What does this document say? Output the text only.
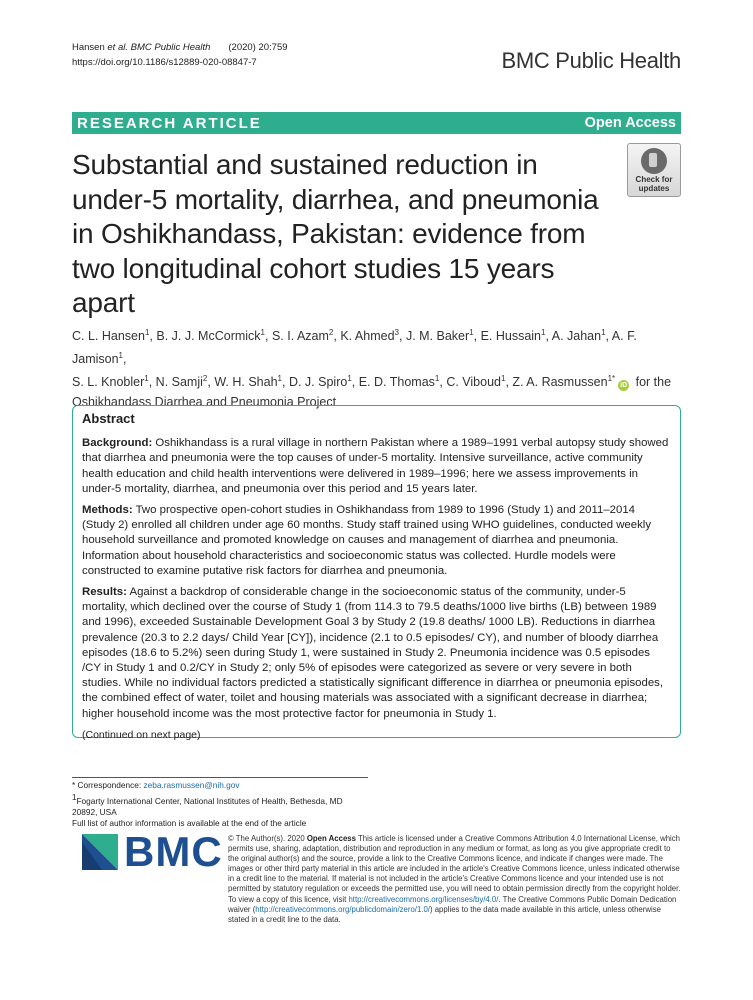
Hansen et al. BMC Public Health (2020) 20:759
https://doi.org/10.1186/s12889-020-08847-7	BMC Public Health
RESEARCH ARTICLE	Open Access
Substantial and sustained reduction in under-5 mortality, diarrhea, and pneumonia in Oshikhandass, Pakistan: evidence from two longitudinal cohort studies 15 years apart
Check for
updates
C. L. Hansen$^1$, B. J. J. McCormick$^1$, S. I. Azam$^2$, K. Ahmed$^3$, J. M. Baker$^1$, E. Hussain$^1$, A. Jahan$^1$, A. F. Jamison$^1$,
S. L. Knobler$^1$, N. Samji$^2$, W. H. Shah$^1$, D. J. Spiro$^1$, E. D. Thomas$^1$, C. Viboud$^1$, Z. A. Rasmussen$^{1*}$iD for the
Oshikhandass Diarrhea and Pneumonia Project
Abstract

Background: Oshikhandass is a rural village in northern Pakistan where a 1989–1991 verbal autopsy study showed that diarrhea and pneumonia were the top causes of under-5 mortality. Intensive surveillance, active community health education and child health interventions were delivered in 1989–1996; here we assess improvements in under-5 mortality, diarrhea, and pneumonia over this period and 15 years later.

Methods: Two prospective open-cohort studies in Oshikhandass from 1989 to 1996 (Study 1) and 2011–2014 (Study 2) enrolled all children under age 60 months. Study staff trained using WHO guidelines, conducted weekly household surveillance and promoted knowledge on causes and management of diarrhea and pneumonia. Information about household characteristics and socioeconomic status was collected. Hurdle models were constructed to examine putative risk factors for diarrhea and pneumonia.

Results: Against a backdrop of considerable change in the socioeconomic status of the community, under-5 mortality, which declined over the course of Study 1 (from 114.3 to 79.5 deaths/1000 live births (LB) between 1989 and 1996), exceeded Sustainable Development Goal 3 by Study 2 (19.8 deaths/ 1000 LB). Reductions in diarrhea prevalence (20.3 to 2.2 days/ Child Year [CY]), incidence (2.1 to 0.5 episodes/ CY), and number of bloody diarrhea episodes (18.6 to 5.2%) seen during Study 1, were sustained in Study 2. Pneumonia incidence was 0.5 episodes /CY in Study 1 and 0.2/CY in Study 2; only 5% of episodes were categorized as severe or very severe in both studies. While no individual factors predicted a statistically significant difference in diarrhea or pneumonia episodes, the combined effect of water, toilet and housing materials was associated with a significant decrease in diarrhea; higher household income was the most protective factor for pneumonia in Study 1.

(Continued on next page)
* Correspondence: zeba.rasmussen@nih.gov
$^1$Fogarty International Center, National Institutes of Health, Bethesda, MD
20892, USA
Full list of author information is available at the end of the article
BMC © The Author(s). 2020 Open Access This article is licensed under a Creative Commons Attribution 4.0 International License, which permits use, sharing, adaptation, distribution and reproduction in any medium or format, as long as you give appropriate credit to the original author(s) and the source, provide a link to the Creative Commons licence, and indicate if changes were made. The images or other third party material in this article are included in the article's Creative Commons licence, unless indicated otherwise in a credit line to the material. If material is not included in the article's Creative Commons licence and your intended use is not permitted by statutory regulation or exceeds the permitted use, you will need to obtain permission directly from the copyright holder. To view a copy of this licence, visit http://creativecommons.org/licenses/by/4.0/. The Creative Commons Public Domain Dedication waiver (http://creativecommons.org/publicdomain/zero/1.0/) applies to the data made available in this article, unless otherwise stated in a credit line to the data.
